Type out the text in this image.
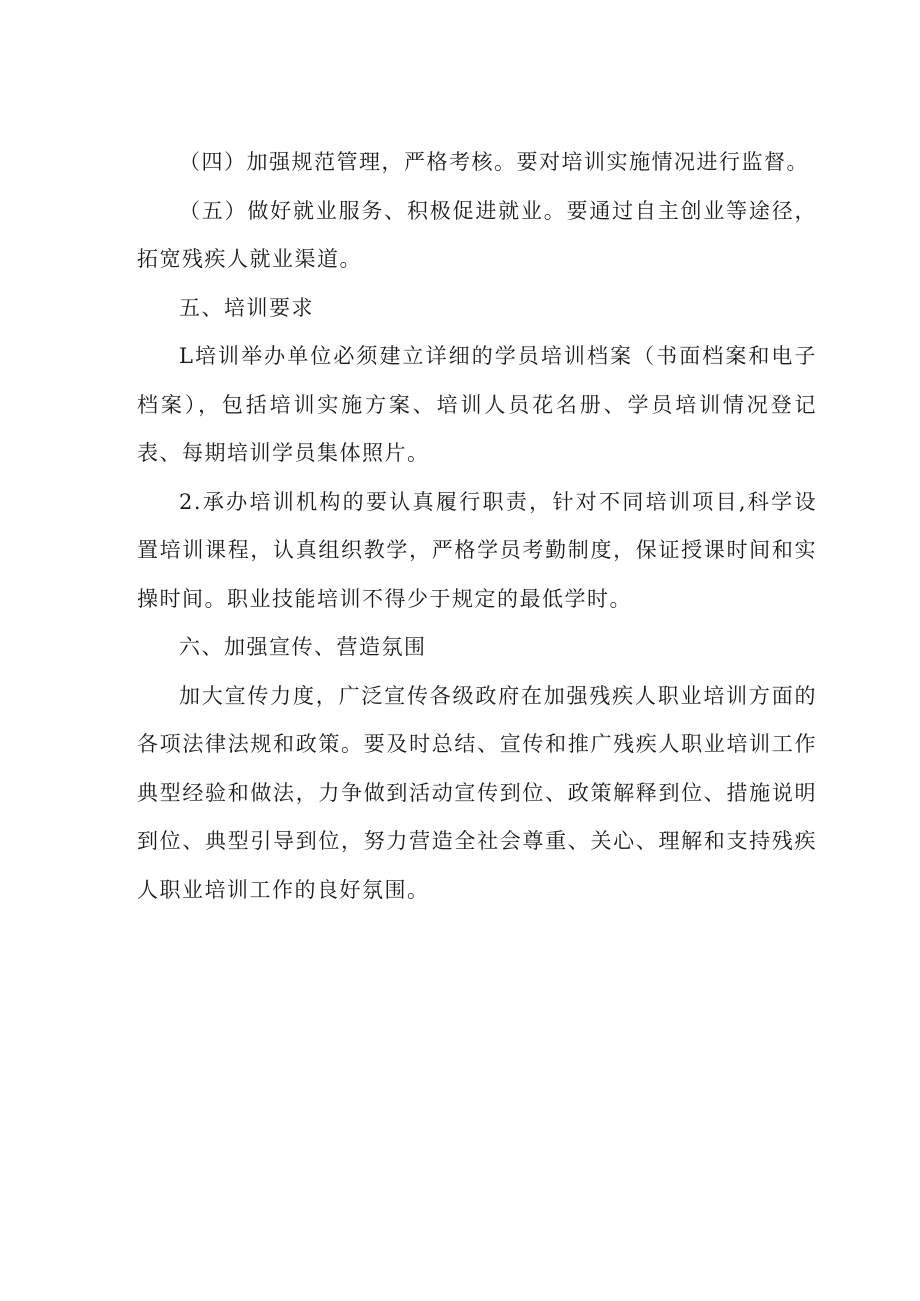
（四）加强规范管理，严格考核。要对培训实施情况进行监督。

（五）做好就业服务、积极促进就业。要通过自主创业等途径，拓宽残疾人就业渠道。

五、培训要求

L培训举办单位必须建立详细的学员培训档案（书面档案和电子档案），包括培训实施方案、培训人员花名册、学员培训情况登记表、每期培训学员集体照片。

2.承办培训机构的要认真履行职责，针对不同培训项目,科学设置培训课程，认真组织教学，严格学员考勤制度，保证授课时间和实操时间。职业技能培训不得少于规定的最低学时。

六、加强宣传、营造氛围

加大宣传力度，广泛宣传各级政府在加强残疾人职业培训方面的各项法律法规和政策。要及时总结、宣传和推广残疾人职业培训工作典型经验和做法，力争做到活动宣传到位、政策解释到位、措施说明到位、典型引导到位，努力营造全社会尊重、关心、理解和支持残疾人职业培训工作的良好氛围。
